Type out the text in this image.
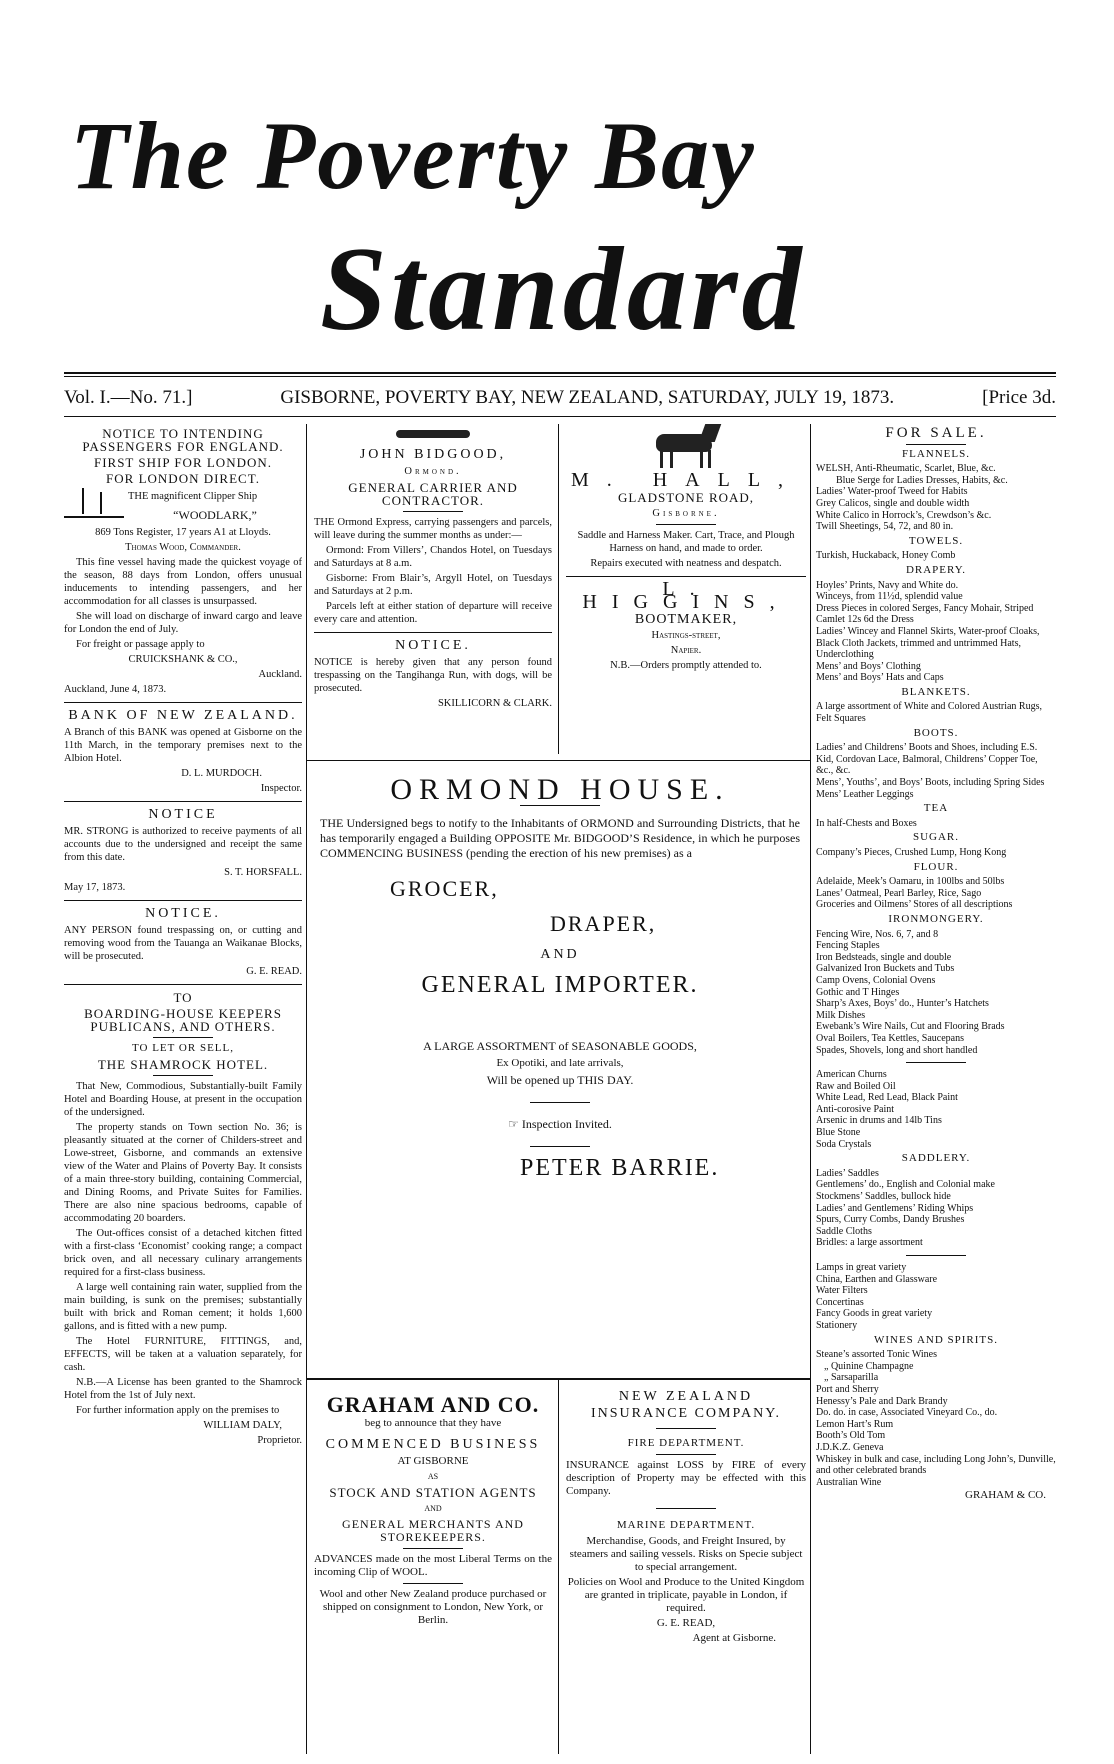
The Poverty Bay
Standard
Vol. I.—No. 71.]	GISBORNE, POVERTY BAY, NEW ZEALAND, SATURDAY, JULY 19, 1873.	[Price 3d.
NOTICE TO INTENDING PASSENGERS FOR ENGLAND.
FIRST SHIP FOR LONDON.
FOR LONDON DIRECT.

THE magnificent Clipper Ship

“WOODLARK,”

869 Tons Register, 17 years A1 at Lloyds.

Thomas Wood, Commander.

This fine vessel having made the quickest voyage of the season, 88 days from London, offers unusual inducements to intending passengers, and her accommodation for all classes is unsurpassed.

She will load on discharge of inward cargo and leave for London the end of July.

For freight or passage apply to

CRUICKSHANK & CO.,

Auckland.

Auckland, June 4, 1873.

BANK OF NEW ZEALAND.

A Branch of this BANK was opened at Gisborne on the 11th March, in the temporary premises next to the Albion Hotel.

D. L. MURDOCH.

Inspector.

NOTICE

MR. STRONG is authorized to receive payments of all accounts due to the undersigned and receipt the same from this date.

S. T. HORSFALL.

May 17, 1873.

NOTICE.

ANY PERSON found trespassing on, or cutting and removing wood from the Tauanga an Waikanae Blocks, will be prosecuted.

G. E. READ.

TO
BOARDING-HOUSE KEEPERS PUBLICANS, AND OTHERS.
TO LET OR SELL,
THE SHAMROCK HOTEL.

That New, Commodious, Substantially-built Family Hotel and Boarding House, at present in the occupation of the undersigned.

The property stands on Town section No. 36; is pleasantly situated at the corner of Childers-street and Lowe-street, Gisborne, and commands an extensive view of the Water and Plains of Poverty Bay. It consists of a main three-story building, containing Commercial, and Dining Rooms, and Private Suites for Families. There are also nine spacious bedrooms, capable of accommodating 20 boarders.

The Out-offices consist of a detached kitchen fitted with a first-class ‘Economist’ cooking range; a compact brick oven, and all necessary culinary arrangements required for a first-class business.

A large well containing rain water, supplied from the main building, is sunk on the premises; substantially built with brick and Roman cement; it holds 1,600 gallons, and is fitted with a new pump.

The Hotel FURNITURE, FITTINGS, and, EFFECTS, will be taken at a valuation separately, for cash.

N.B.—A License has been granted to the Shamrock Hotel from the 1st of July next.

For further information apply on the premises to

WILLIAM DALY,

Proprietor.

JOHN BIDGOOD,

Ormond.

GENERAL CARRIER AND CONTRACTOR.

THE Ormond Express, carrying passengers and parcels, will leave during the summer months as under:—

Ormond: From Villers’, Chandos Hotel, on Tuesdays and Saturdays at 8 a.m.

Gisborne: From Blair’s, Argyll Hotel, on Tuesdays and Saturdays at 2 p.m.

Parcels left at either station of departure will receive every care and attention.

NOTICE.

NOTICE is hereby given that any person found trespassing on the Tangihanga Run, with dogs, will be prosecuted.

SKILLICORN & CLARK.

M. HALL,
GLADSTONE ROAD,

Gisborne.

Saddle and Harness Maker. Cart, Trace, and Plough Harness on hand, and made to order.

Repairs executed with neatness and despatch.

L. HIGGINS,
BOOTMAKER,

Hastings-street,

Napier.

N.B.—Orders promptly attended to.

ORMOND HOUSE.

THE Undersigned begs to notify to the Inhabitants of ORMOND and Surrounding Districts, that he has temporarily engaged a Building OPPOSITE Mr. BIDGOOD’S Residence, in which he purposes COMMENCING BUSINESS (pending the erection of his new premises) as a

GROCER,
DRAPER,
AND
GENERAL IMPORTER.

A LARGE ASSORTMENT of SEASONABLE GOODS,

Ex Opotiki, and late arrivals,

Will be opened up THIS DAY.

☞ Inspection Invited.

PETER BARRIE.
GRAHAM AND CO.

beg to announce that they have

COMMENCED BUSINESS

AT GISBORNE

AS

STOCK AND STATION AGENTS

AND

GENERAL MERCHANTS AND STOREKEEPERS.

ADVANCES made on the most Liberal Terms on the incoming Clip of WOOL.

Wool and other New Zealand produce purchased or shipped on consignment to London, New York, or Berlin.

NEW ZEALAND
INSURANCE COMPANY.
FIRE DEPARTMENT.

INSURANCE against LOSS by FIRE of every description of Property may be effected with this Company.

MARINE DEPARTMENT.

Merchandise, Goods, and Freight Insured, by steamers and sailing vessels. Risks on Specie subject to special arrangement.

Policies on Wool and Produce to the United Kingdom are granted in triplicate, payable in London, if required.

G. E. READ,

Agent at Gisborne.

FOR SALE.
FLANNELS.
WELSH, Anti-Rheumatic, Scarlet, Blue, &c.
Blue Serge for Ladies Dresses, Habits, &c.
Ladies’ Water-proof Tweed for Habits
Grey Calicos, single and double width
White Calico in Horrock’s, Crewdson’s &c.
Twill Sheetings, 54, 72, and 80 in.
TOWELS.
Turkish, Huckaback, Honey Comb
DRAPERY.
Hoyles’ Prints, Navy and White do.
Winceys, from 11½d, splendid value
Dress Pieces in colored Serges, Fancy Mohair, Striped Camlet 12s 6d the Dress
Ladies’ Wincey and Flannel Skirts, Water-proof Cloaks, Black Cloth Jackets, trimmed and untrimmed Hats, Underclothing
Mens’ and Boys’ Clothing
Mens’ and Boys’ Hats and Caps
BLANKETS.
A large assortment of White and Colored Austrian Rugs, Felt Squares
BOOTS.
Ladies’ and Childrens’ Boots and Shoes, including E.S. Kid, Cordovan Lace, Balmoral, Childrens’ Copper Toe, &c., &c.
Mens’, Youths’, and Boys’ Boots, including Spring Sides
Mens’ Leather Leggings
TEA
In half-Chests and Boxes
SUGAR.
Company’s Pieces, Crushed Lump, Hong Kong
FLOUR.
Adelaide, Meek’s Oamaru, in 100lbs and 50lbs
Lanes’ Oatmeal, Pearl Barley, Rice, Sago
Groceries and Oilmens’ Stores of all descriptions
IRONMONGERY.
Fencing Wire, Nos. 6, 7, and 8
Fencing Staples
Iron Bedsteads, single and double
Galvanized Iron Buckets and Tubs
Camp Ovens, Colonial Ovens
Gothic and T Hinges
Sharp’s Axes, Boys’ do., Hunter’s Hatchets
Milk Dishes
Ewebank’s Wire Nails, Cut and Flooring Brads
Oval Boilers, Tea Kettles, Saucepans
Spades, Shovels, long and short handled
American Churns
Raw and Boiled Oil
White Lead, Red Lead, Black Paint
Anti-corosive Paint
Arsenic in drums and 14lb Tins
Blue Stone
Soda Crystals
SADDLERY.
Ladies’ Saddles
Gentlemens’ do., English and Colonial make
Stockmens’ Saddles, bullock hide
Ladies’ and Gentlemens’ Riding Whips
Spurs, Curry Combs, Dandy Brushes
Saddle Cloths
Bridles: a large assortment
Lamps in great variety
China, Earthen and Glassware
Water Filters
Concertinas
Fancy Goods in great variety
Stationery
WINES AND SPIRITS.
Steane’s assorted Tonic Wines
„ Quinine Champagne
„ Sarsaparilla
Port and Sherry
Henessy’s Pale and Dark Brandy
Do. do. in case, Associated Vineyard Co., do.
Lemon Hart’s Rum
Booth’s Old Tom
J.D.K.Z. Geneva
Whiskey in bulk and case, including Long John’s, Dunville, and other celebrated brands
Australian Wine

GRAHAM & CO.
